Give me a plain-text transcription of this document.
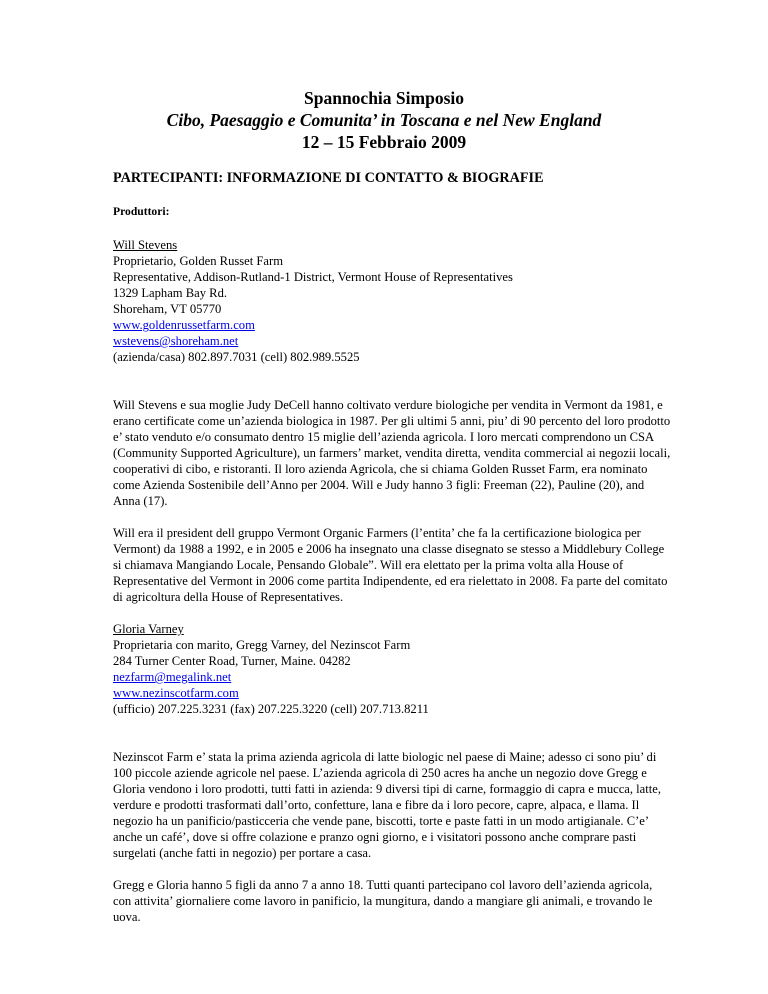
Spannochia Simposio
Cibo, Paesaggio e Comunita’ in Toscana e nel New England
12 – 15 Febbraio 2009
PARTECIPANTI: INFORMAZIONE DI CONTATTO & BIOGRAFIE
Produttori:
Will Stevens
Proprietario, Golden Russet Farm
Representative, Addison-Rutland-1 District, Vermont House of Representatives
1329 Lapham Bay Rd.
Shoreham, VT 05770
www.goldenrussetfarm.com
wstevens@shoreham.net
(azienda/casa) 802.897.7031 (cell) 802.989.5525

Will Stevens e sua moglie Judy DeCell hanno coltivato verdure biologiche per vendita in Vermont da 1981, e erano certificate come un’azienda biologica in 1987. Per gli ultimi 5 anni, piu’ di 90 percento del loro prodotto e’ stato venduto e/o consumato dentro 15 miglie dell’azienda agricola. I loro mercati comprendono un CSA (Community Supported Agriculture), un farmers’ market, vendita diretta, vendita commercial ai negozii locali, cooperativi di cibo, e ristoranti. Il loro azienda Agricola, che si chiama Golden Russet Farm, era nominato come Azienda Sostenibile dell’Anno per 2004. Will e Judy hanno 3 figli: Freeman (22), Pauline (20), and Anna (17).

Will era il president dell gruppo Vermont Organic Farmers (l’entita’ che fa la certificazione biologica per Vermont) da 1988 a 1992, e in 2005 e 2006 ha insegnato una classe disegnato se stesso a Middlebury College si chiamava Mangiando Locale, Pensando Globale”. Will era elettato per la prima volta alla House of Representative del Vermont in 2006 come partita Indipendente, ed era rielettato in 2008. Fa parte del comitato di agricoltura della House of Representatives.

Gloria Varney
Proprietaria con marito, Gregg Varney, del Nezinscot Farm
284 Turner Center Road, Turner, Maine. 04282
nezfarm@megalink.net
www.nezinscotfarm.com
(ufficio) 207.225.3231 (fax) 207.225.3220 (cell) 207.713.8211

Nezinscot Farm e’ stata la prima azienda agricola di latte biologic nel paese di Maine; adesso ci sono piu’ di 100 piccole aziende agricole nel paese. L’azienda agricola di 250 acres ha anche un negozio dove Gregg e Gloria vendono i loro prodotti, tutti fatti in azienda: 9 diversi tipi di carne, formaggio di capra e mucca, latte, verdure e prodotti trasformati dall’orto, confetture, lana e fibre da i loro pecore, capre, alpaca, e llama. Il negozio ha un panificio/pasticceria che vende pane, biscotti, torte e paste fatti in un modo artigianale. C’e’ anche un café’, dove si offre colazione e pranzo ogni giorno, e i visitatori possono anche comprare pasti surgelati (anche fatti in negozio) per portare a casa.

Gregg e Gloria hanno 5 figli da anno 7 a anno 18. Tutti quanti partecipano col lavoro dell’azienda agricola, con attivita’ giornaliere come lavoro in panificio, la mungitura, dando a mangiare gli animali, e trovando le uova.
